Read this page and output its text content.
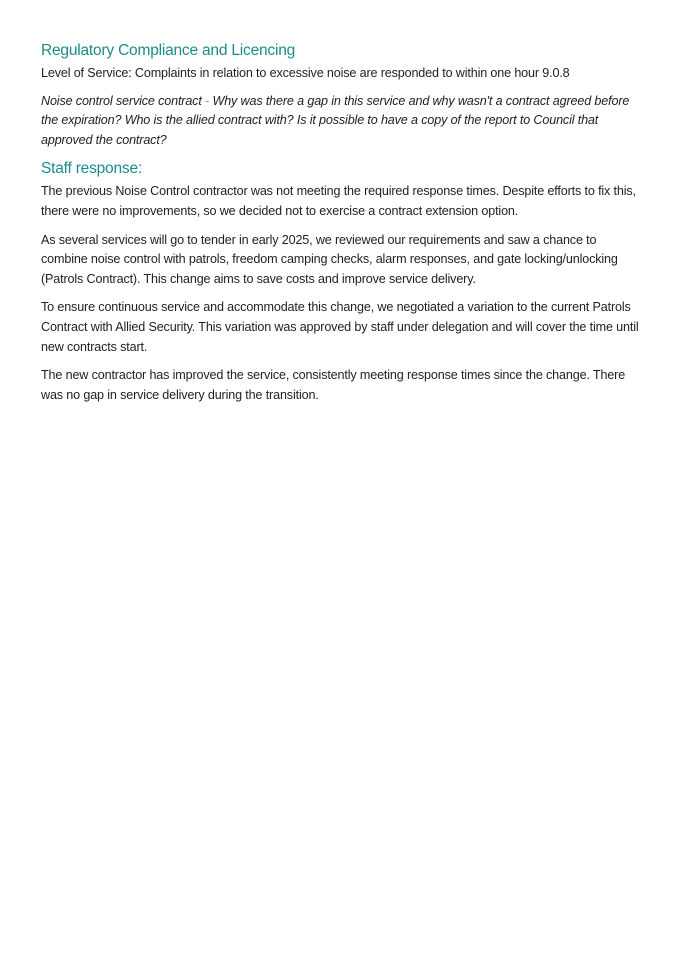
Regulatory Compliance and Licencing

Level of Service: Complaints in relation to excessive noise are responded to within one hour 9.0.8

Noise control service contract - Why was there a gap in this service and why wasn't a contract agreed before the expiration? Who is the allied contract with? Is it possible to have a copy of the report to Council that approved the contract?

Staff response:

The previous Noise Control contractor was not meeting the required response times. Despite efforts to fix this, there were no improvements, so we decided not to exercise a contract extension option.

As several services will go to tender in early 2025, we reviewed our requirements and saw a chance to combine noise control with patrols, freedom camping checks, alarm responses, and gate locking/unlocking (Patrols Contract). This change aims to save costs and improve service delivery.

To ensure continuous service and accommodate this change, we negotiated a variation to the current Patrols Contract with Allied Security. This variation was approved by staff under delegation and will cover the time until new contracts start.

The new contractor has improved the service, consistently meeting response times since the change. There was no gap in service delivery during the transition.
